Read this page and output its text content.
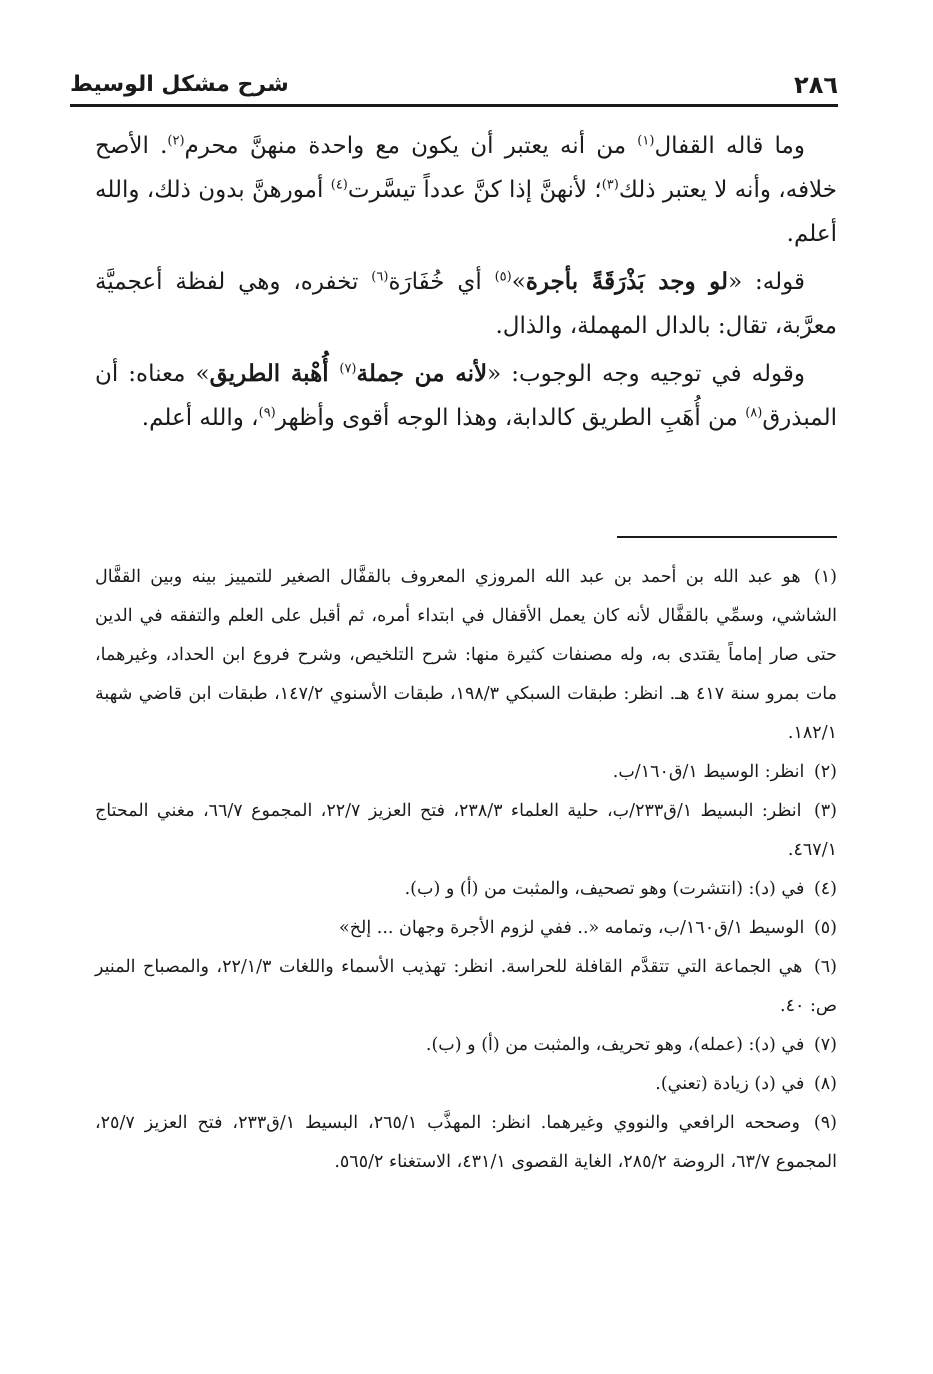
٢٨٦
شرح مشكل الوسيط

وما قاله القفال$^{(١)}$ من أنه يعتبر أن يكون مع واحدة منهنَّ محرم$^{(٢)}$. الأصح خلافه، وأنه لا يعتبر ذلك$^{(٣)}$؛ لأنهنَّ إذا كنَّ عدداً تيسَّرت$^{(٤)}$ أمورهنَّ بدون ذلك، والله أعلم.

قوله: «لو وجد بَذْرَقَةً بأجرة»$^{(٥)}$ أي خُفَارَة$^{(٦)}$ تخفره، وهي لفظة أعجميَّة معرَّبة، تقال: بالدال المهملة، والذال.

وقوله في توجيه وجه الوجوب: «لأنه من جملة$^{(٧)}$ أُهْبة الطريق» معناه: أن المبذرق$^{(٨)}$ من أُهَبِ الطريق كالدابة، وهذا الوجه أقوى وأظهر$^{(٩)}$، والله أعلم.

(١) هو عبد الله بن أحمد بن عبد الله المروزي المعروف بالقفَّال الصغير للتمييز بينه وبين القفَّال الشاشي، وسمِّي بالقفَّال لأنه كان يعمل الأقفال في ابتداء أمره، ثم أقبل على العلم والتفقه في الدين حتى صار إماماً يقتدى به، وله مصنفات كثيرة منها: شرح التلخيص، وشرح فروع ابن الحداد، وغيرهما، مات بمرو سنة ٤١٧ هـ. انظر: طبقات السبكي ١٩٨/٣، طبقات الأسنوي ١٤٧/٢، طبقات ابن قاضي شهبة ١٨٢/١.

(٢) انظر: الوسيط ١/ق١٦٠/ب.

(٣) انظر: البسيط ١/ق٢٣٣/ب، حلية العلماء ٢٣٨/٣، فتح العزيز ٢٢/٧، المجموع ٦٦/٧، مغني المحتاج ٤٦٧/١.

(٤) في (د): (انتشرت) وهو تصحيف، والمثبت من (أ) و (ب).

(٥) الوسيط ١/ق١٦٠/ب، وتمامه «.. ففي لزوم الأجرة وجهان ... إلخ»

(٦) هي الجماعة التي تتقدَّم القافلة للحراسة. انظر: تهذيب الأسماء واللغات ٢٢/١/٣، والمصباح المنير ص: ٤٠.

(٧) في (د): (عمله)، وهو تحريف، والمثبت من (أ) و (ب).

(٨) في (د) زيادة (تعني).

(٩) وصححه الرافعي والنووي وغيرهما. انظر: المهذَّب ٢٦٥/١، البسيط ١/ق٢٣٣، فتح العزيز ٢٥/٧، المجموع ٦٣/٧، الروضة ٢٨٥/٢، الغاية القصوى ٤٣١/١، الاستغناء ٥٦٥/٢.
